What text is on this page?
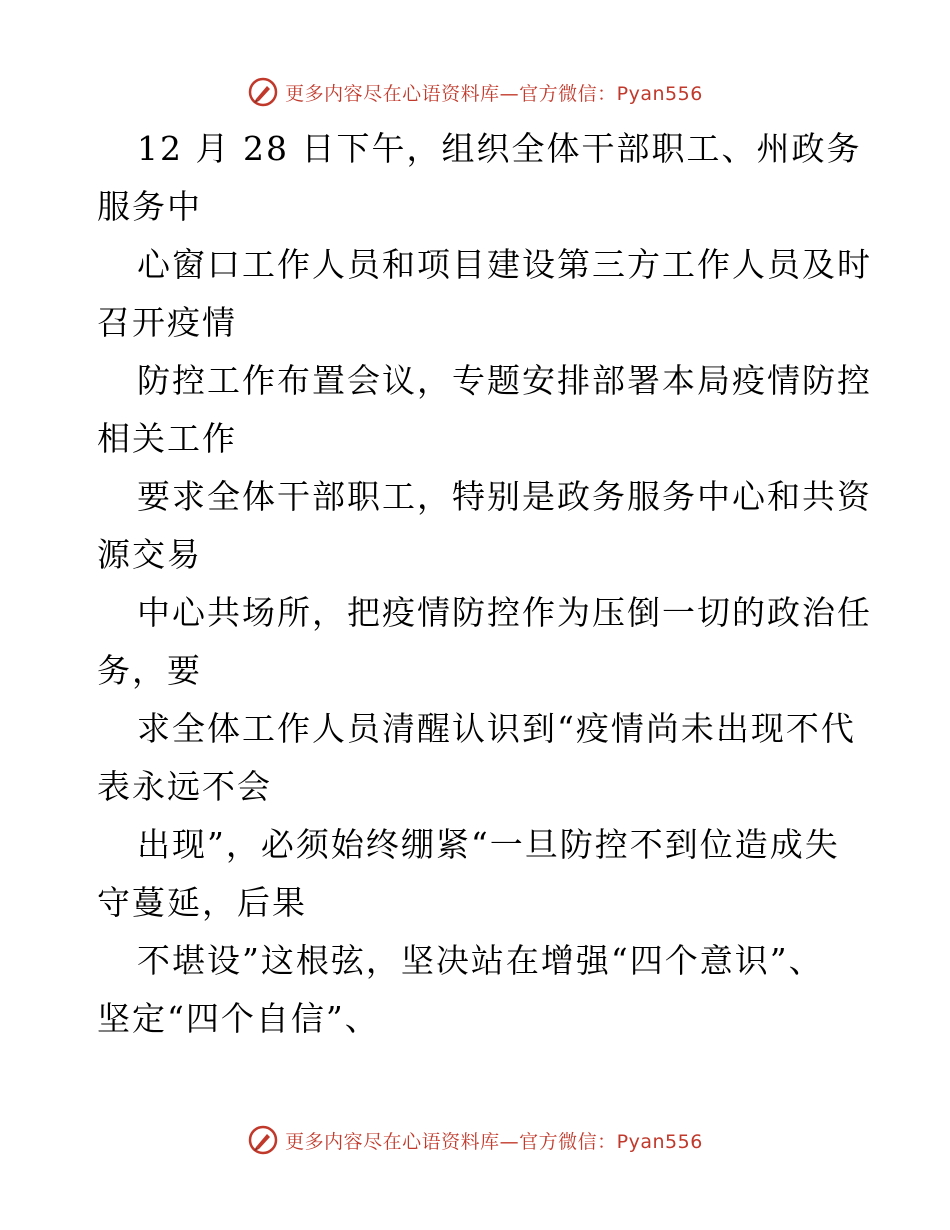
更多内容尽在心语资料库—官方微信：Pyan556
12 月 28 日下午，组织全体干部职工、州政务
服务中
心窗口工作人员和项目建设第三方工作人员及时
召开疫情
防控工作布置会议，专题安排部署本局疫情防控
相关工作
要求全体干部职工，特别是政务服务中心和共资
源交易
中心共场所，把疫情防控作为压倒一切的政治任
务，要
求全体工作人员清醒认识到“疫情尚未出现不代
表永远不会
出现”，必须始终绷紧“一旦防控不到位造成失
守蔓延，后果
不堪设”这根弦，坚决站在增强“四个意识”、
坚定“四个自信”、
更多内容尽在心语资料库—官方微信：Pyan556
